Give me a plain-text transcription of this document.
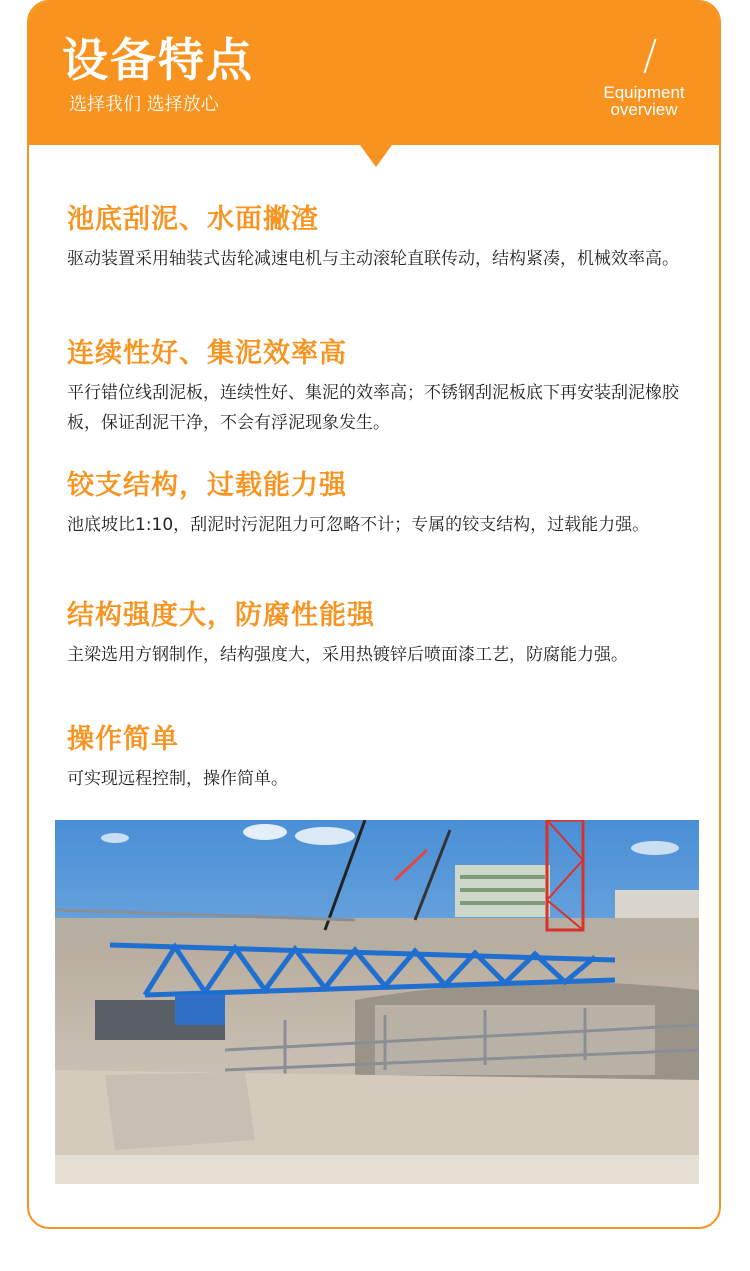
设备特点
选择我们 选择放心
Equipment
overview
池底刮泥、水面撇渣
驱动装置采用轴装式齿轮减速电机与主动滚轮直联传动，结构紧凑，机械效率高。
连续性好、集泥效率高
平行错位线刮泥板，连续性好、集泥的效率高；不锈钢刮泥板底下再安装刮泥橡胶板，保证刮泥干净，不会有浮泥现象发生。
铰支结构，过载能力强
池底坡比1:10，刮泥时污泥阻力可忽略不计；专属的铰支结构，过载能力强。
结构强度大，防腐性能强
主梁选用方钢制作，结构强度大，采用热镀锌后喷面漆工艺，防腐能力强。
操作简单
可实现远程控制，操作简单。
